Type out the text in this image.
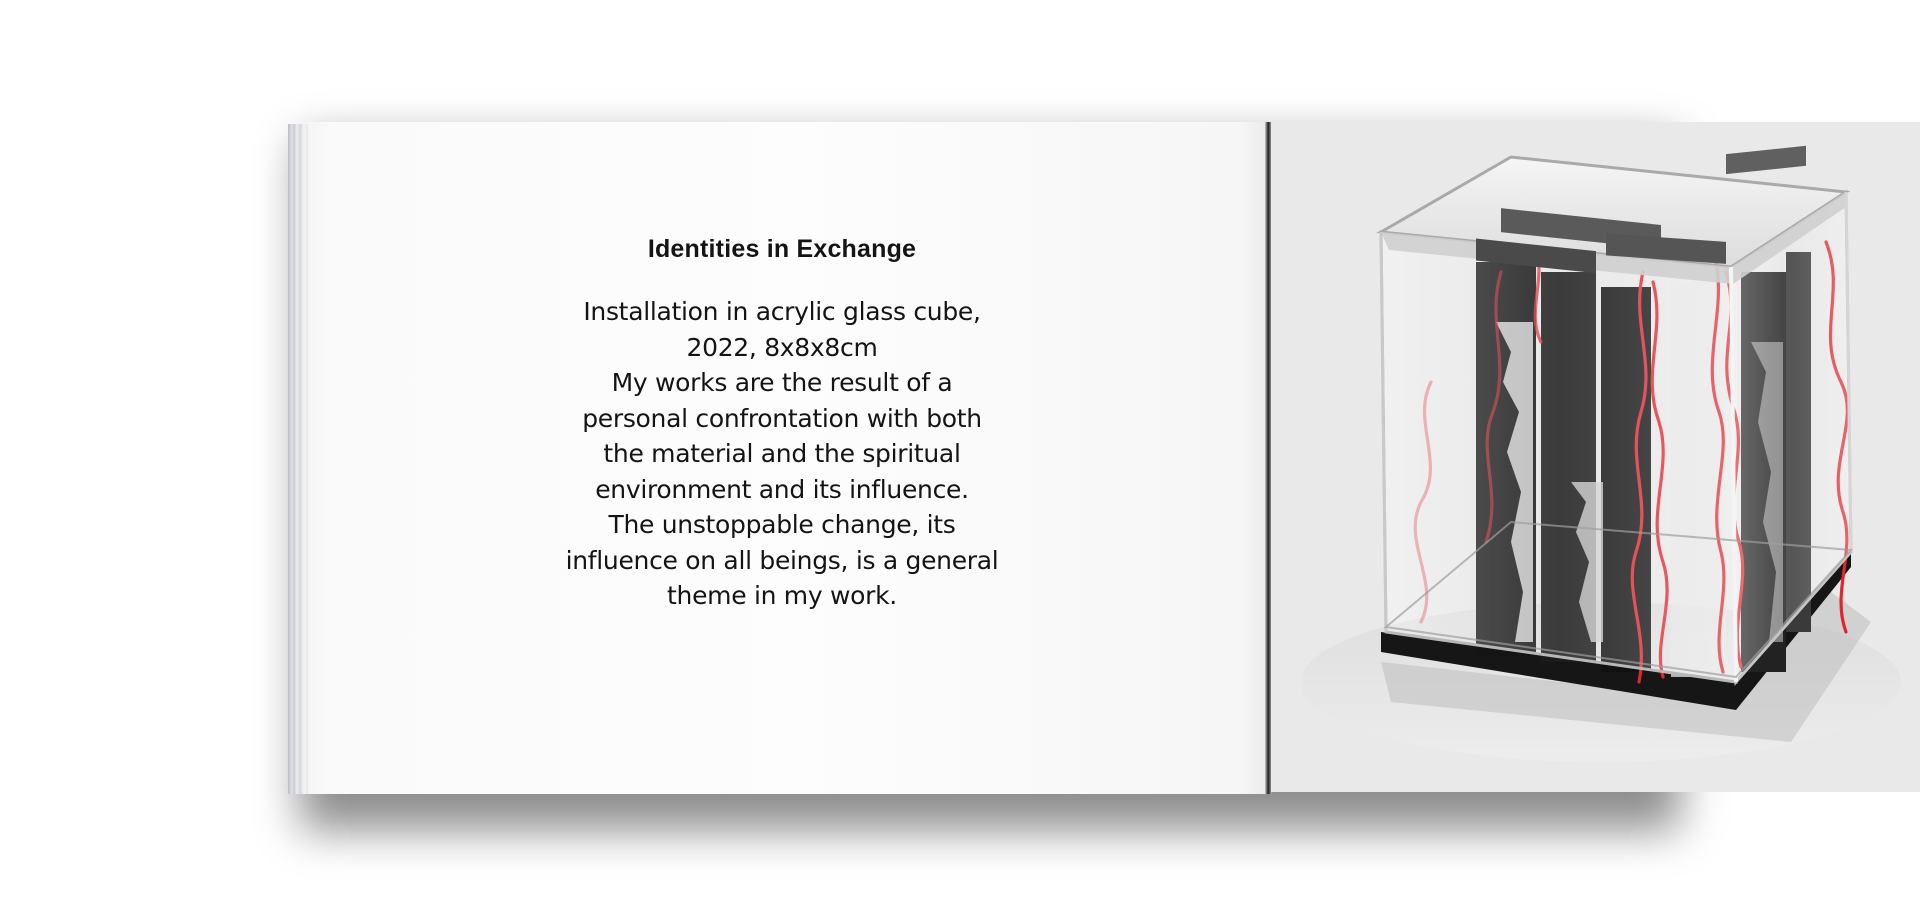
Identities in Exchange
Installation in acrylic glass cube,
2022, 8x8x8cm
My works are the result of a
personal confrontation with both
the material and the spiritual
environment and its influence.
The unstoppable change, its
influence on all beings, is a general
theme in my work.
